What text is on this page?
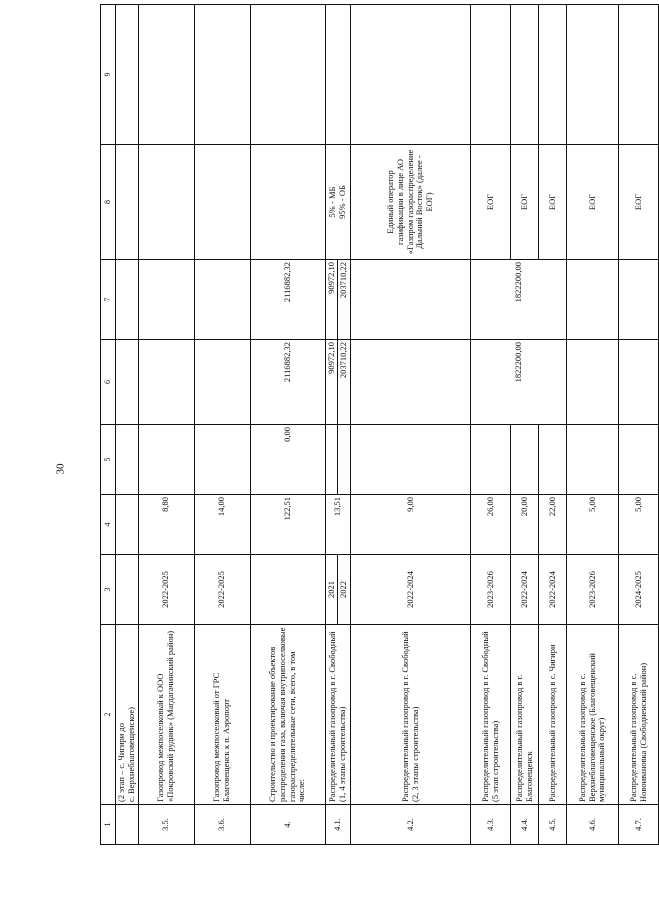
30
1	2	3	4	5	6	7	8	9
	(2 этап – с. Чигири до
с. Верхнеблаговещенское)							
3.5.	Газопровод межпоселковый к ООО «Покровский рудник» (Магдагачинский район)	2022-2025	8,80					
3.6.	Газопровод межпоселковый от ГРС Благовещенск к п. Аэропорт	2022-2025	14,00					
4.	Строительство и проектирование объектов распределения газа, включая внутрипоселковые газораспределительные сети, всего, в том числе:		122,51	0,00	2116882,32	2116882,32		
4.1.	Распределительный газопровод в г. Свободный (1, 4 этапы строительства)	2021	13,51		90972,10	90972,10	5% - МБ
95% - ОБ	
		2022			203710,22	203710,22		
4.2.	Распределительный газопровод в г. Свободный (2, 3 этапы строительства)	2022-2024	9,00				Единый оператор газификации в лице АО «Газпром газораспределение Дальний Восток» (далее - ЕОГ)	
4.3.	Распределительный газопровод в г. Свободный (5 этап строительства)	2023-2026	26,00		1822200,00	1822200,00	ЕОГ	
4.4.	Распределительный газопровод в г. Благовещенск	2022-2024	20,00				ЕОГ	
4.5.	Распределительный газопровод в с. Чигири	2022-2024	22,00				ЕОГ	
4.6.	Распределительный газопровод в с. Верхнеблаговещенское (Благовещенский муниципальный округ)	2023-2026	5,00				ЕОГ	
4.7.	Распределительный газопровод в с. Новоивановка (Свободненский район)	2024-2025	5,00				ЕОГ	
